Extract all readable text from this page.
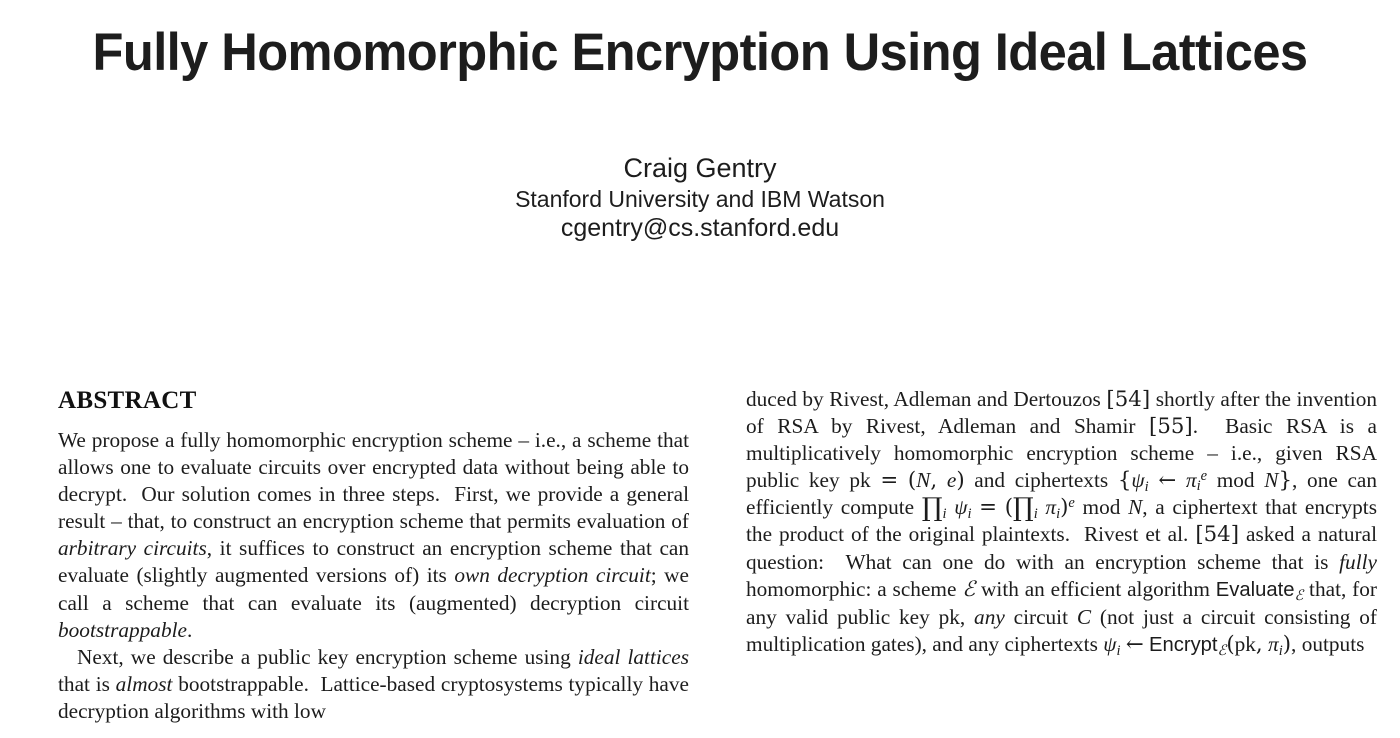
Fully Homomorphic Encryption Using Ideal Lattices
Craig Gentry
Stanford University and IBM Watson
cgentry@cs.stanford.edu
ABSTRACT

We propose a fully homomorphic encryption scheme – i.e., a scheme that allows one to evaluate circuits over encrypted data without being able to decrypt.  Our solution comes in three steps.  First, we provide a general result – that, to construct an encryption scheme that permits evaluation of arbitrary circuits, it suffices to construct an encryption scheme that can evaluate (slightly augmented versions of) its own decryption circuit; we call a scheme that can evaluate its (augmented) decryption circuit bootstrappable.

Next, we describe a public key encryption scheme using ideal lattices that is almost bootstrappable.  Lattice-based cryptosystems typically have decryption algorithms with low

duced by Rivest, Adleman and Dertouzos [54] shortly after the invention of RSA by Rivest, Adleman and Shamir [55].  Basic RSA is a multiplicatively homomorphic encryption scheme – i.e., given RSA public key pk = (N, e) and ciphertexts {$\psi_i$ ← $\pi_i^e$ mod N}, one can efficiently compute $\prod_i$ $\psi_i$ = ($\prod_i$ $\pi_i)^e$ mod N, a ciphertext that encrypts the product of the original plaintexts.  Rivest et al. [54] asked a natural question:  What can one do with an encryption scheme that is fully homomorphic: a scheme ℰ with an efficient algorithm Evaluate$_ℰ$ that, for any valid public key pk, any circuit C (not just a circuit consisting of multiplication gates), and any ciphertexts $\psi_i$ ← Encrypt$_ℰ$(pk, $\pi_i$), outputs
